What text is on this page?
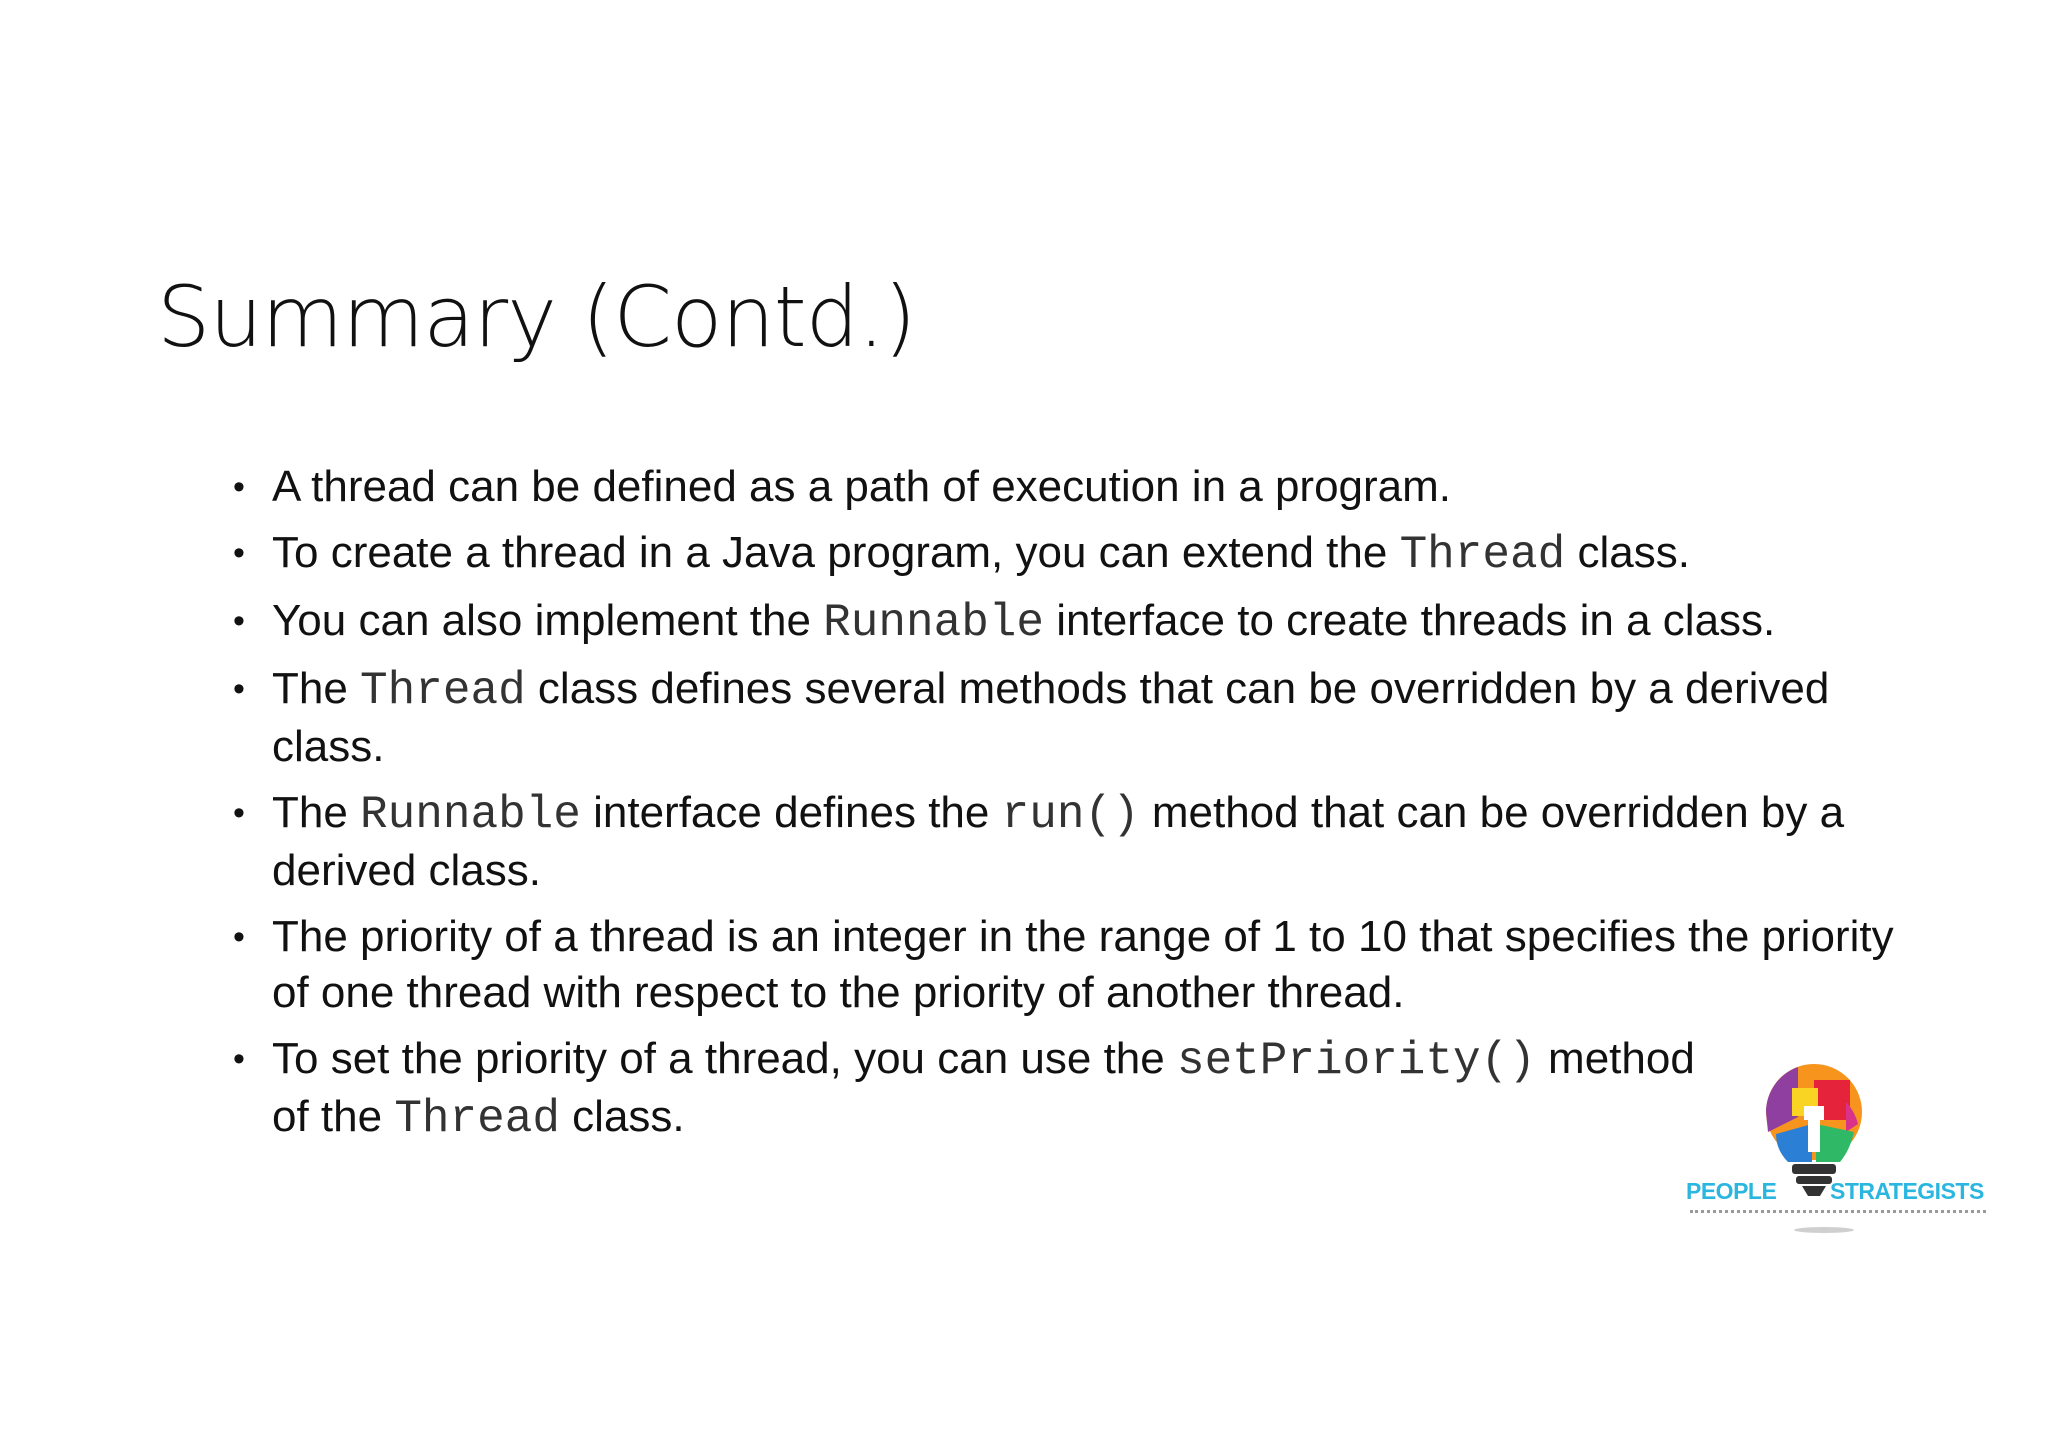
Summary (Contd.)
• A thread can be defined as a path of execution in a program.
• To create a thread in a Java program, you can extend the Thread class.
• You can also implement the Runnable interface to create threads in a class.
• The Thread class defines several methods that can be overridden by a derived class.
• The Runnable interface defines the run() method that can be overridden by a derived class.
• The priority of a thread is an integer in the range of 1 to 10 that specifies the priority of one thread with respect to the priority of another thread.
• To set the priority of a thread, you can use the setPriority() method of the Thread class.
PEOPLE STRATEGISTS
